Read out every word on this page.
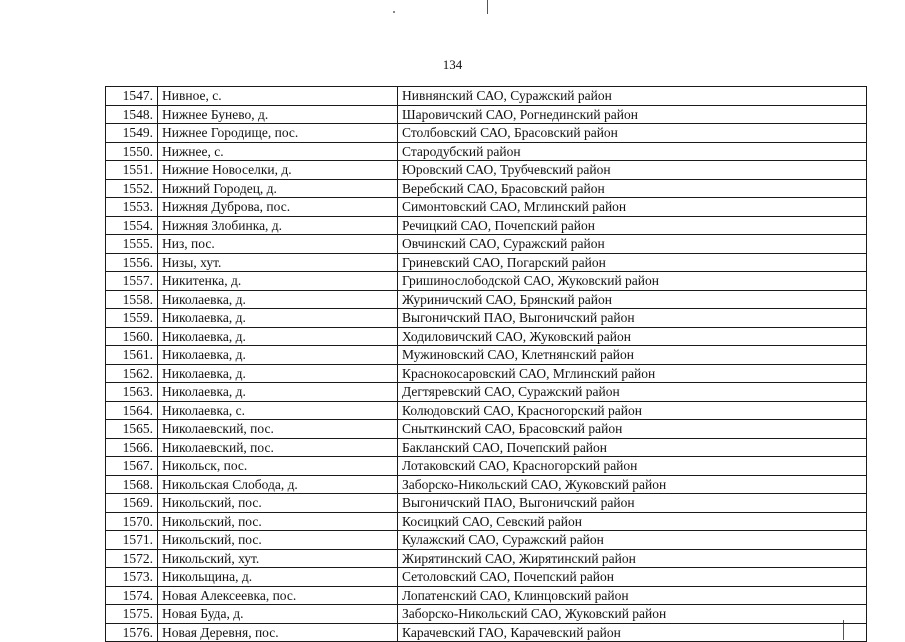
134
1547.	Нивное, с.	Нивнянский САО, Суражский район
1548.	Нижнее Бунево, д.	Шаровичский САО, Рогнединский район
1549.	Нижнее Городище, пос.	Столбовский САО, Брасовский район
1550.	Нижнее, с.	Стародубский район
1551.	Нижние Новоселки, д.	Юровский САО, Трубчевский район
1552.	Нижний Городец, д.	Веребский САО, Брасовский район
1553.	Нижняя Дуброва, пос.	Симонтовский САО, Мглинский район
1554.	Нижняя Злобинка, д.	Речицкий САО, Почепский район
1555.	Низ, пос.	Овчинский САО, Суражский район
1556.	Низы, хут.	Гриневский САО, Погарский район
1557.	Никитенка, д.	Гришинослободской САО, Жуковский район
1558.	Николаевка, д.	Журиничский САО, Брянский район
1559.	Николаевка, д.	Выгоничский ПАО, Выгоничский район
1560.	Николаевка, д.	Ходиловичский САО, Жуковский район
1561.	Николаевка, д.	Мужиновский САО, Клетнянский район
1562.	Николаевка, д.	Краснокосаровский САО, Мглинский район
1563.	Николаевка, д.	Дегтяревский САО, Суражский район
1564.	Николаевка, с.	Колюдовский САО, Красногорский район
1565.	Николаевский, пос.	Сныткинский САО, Брасовский район
1566.	Николаевский, пос.	Бакланский САО, Почепский район
1567.	Никольск, пос.	Лотаковский САО, Красногорский район
1568.	Никольская Слобода, д.	Заборско-Никольский САО, Жуковский район
1569.	Никольский, пос.	Выгоничский ПАО, Выгоничский район
1570.	Никольский, пос.	Косицкий САО, Севский район
1571.	Никольский, пос.	Кулажский САО, Суражский район
1572.	Никольский, хут.	Жирятинский САО, Жирятинский район
1573.	Никольщина, д.	Сетоловский САО, Почепский район
1574.	Новая Алексеевка, пос.	Лопатенский САО, Клинцовский район
1575.	Новая Буда, д.	Заборско-Никольский САО, Жуковский район
1576.	Новая Деревня, пос.	Карачевский ГАО, Карачевский район
